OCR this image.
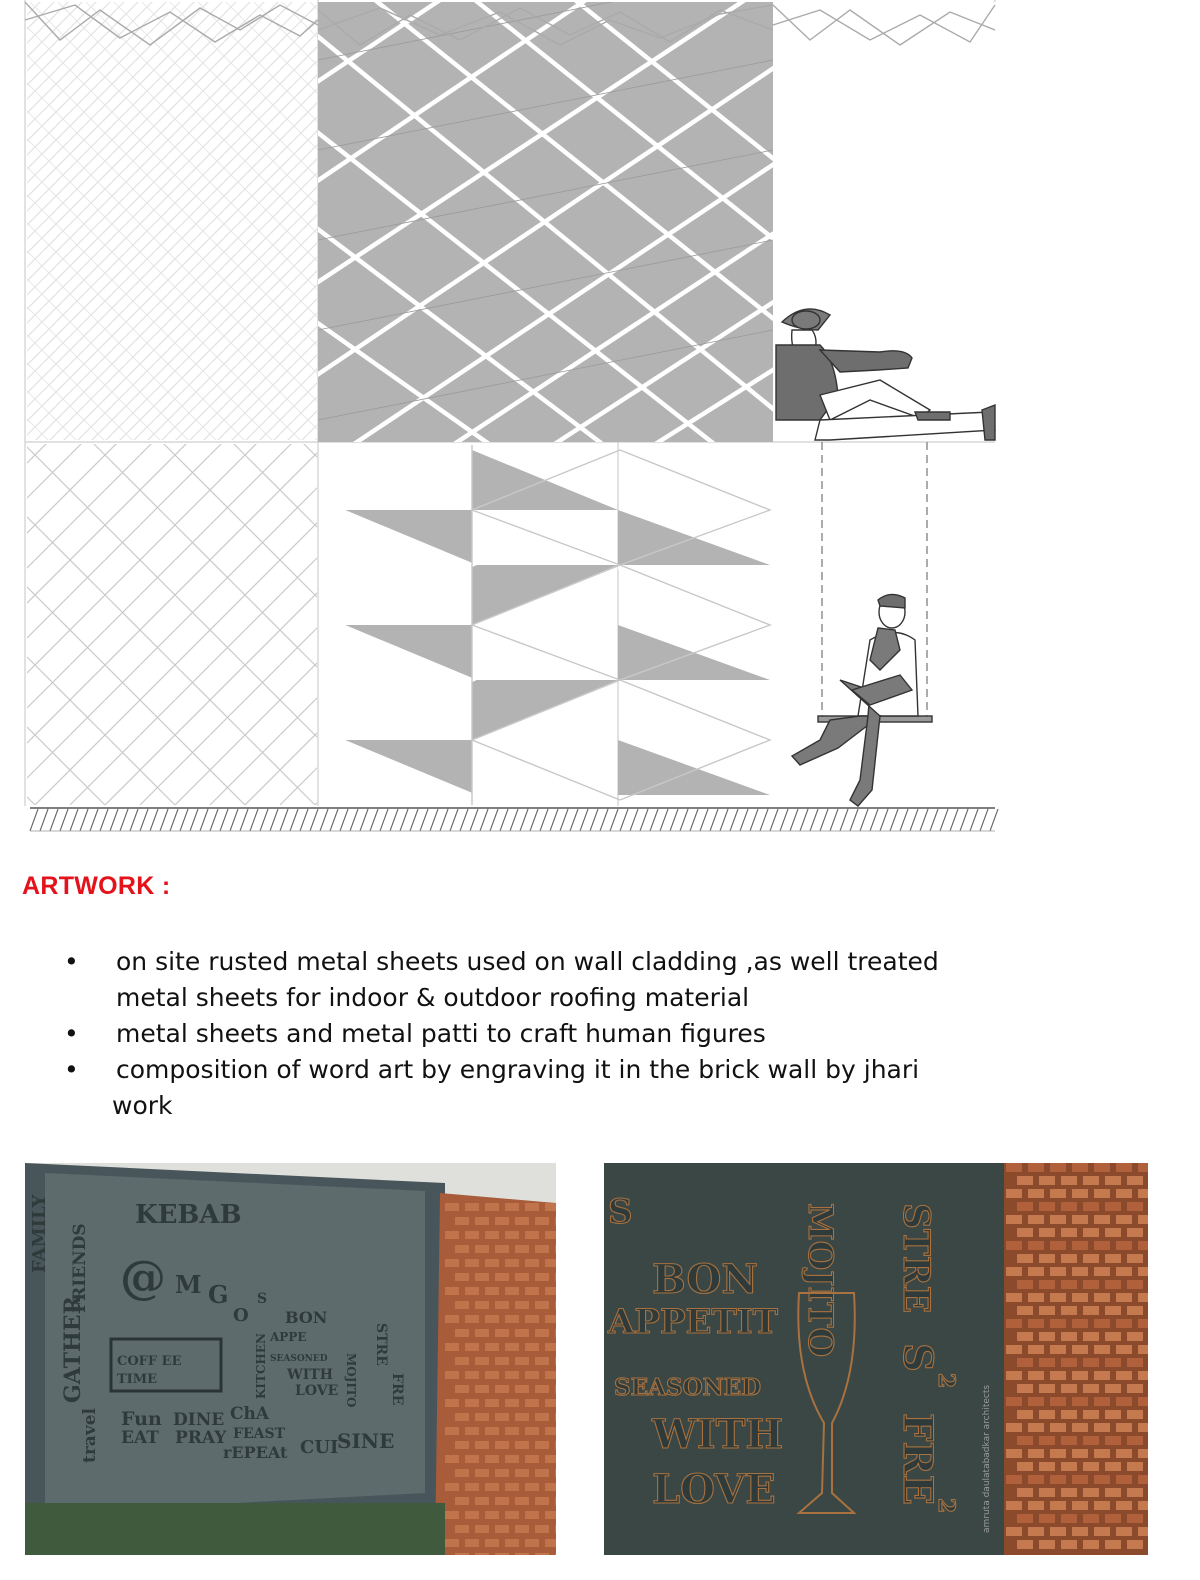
ARTWORK :
• on site rusted metal sheets used on wall cladding ,as well treated
metal sheets for indoor & outdoor roofing material
• metal sheets and metal patti to craft human figures
• composition of word art by engraving it in the brick wall by jhari
work
KEBAB
FAMILY FRIENDS
GATHER
@ M G
O
S
BON
APPE
KITCHEN	MOJITO
STRE
FRE
COFF EE
TIME
SEASONED
WITH
LOVE
travel Fun DINE ChA
EAT PRAY FEAST
rEPEAt CUI
SINE
S
BON
APPETIT
SEASONED
WITH
LOVE
MOJITO STRE
S
FRE
2
2	amruta daulatabadkar architects
